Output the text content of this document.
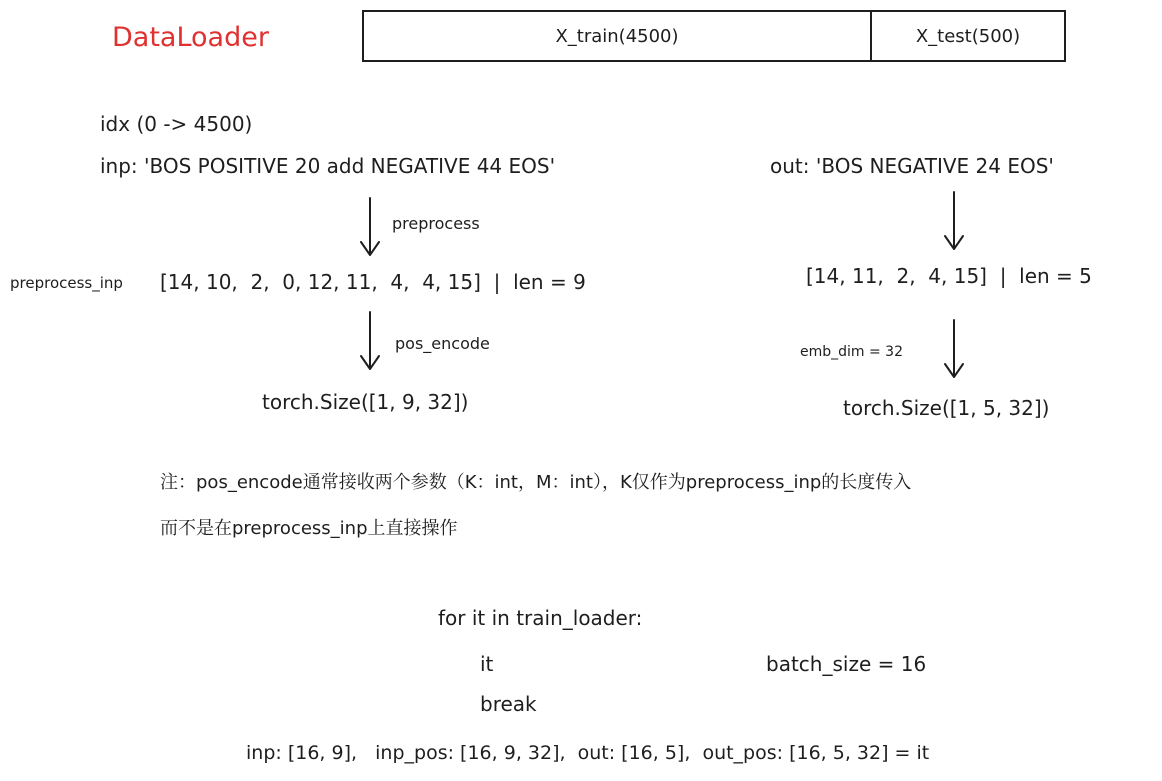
DataLoader	X_train(4500)	X_test(500)
idx (0 -> 4500)
inp: 'BOS POSITIVE 20 add NEGATIVE 44 EOS'
preprocess
preprocess_inp [14, 10,  2,  0, 12, 11,  4,  4, 15]  |  len = 9
pos_encode
torch.Size([1, 9, 32])
out: 'BOS NEGATIVE 24 EOS'
[14, 11,  2,  4, 15]  |  len = 5
emb_dim = 32
torch.Size([1, 5, 32])
注：pos_encode通常接收两个参数（K：int，M：int），K仅作为preprocess_inp的长度传入
而不是在preprocess_inp上直接操作
for it in train_loader:
it	batch_size = 16
break
inp: [16, 9],   inp_pos: [16, 9, 32],  out: [16, 5],  out_pos: [16, 5, 32] = it
